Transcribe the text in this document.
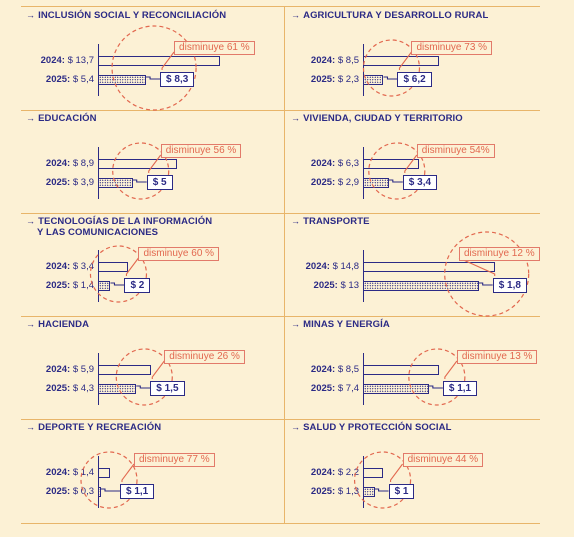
→ INCLUSIÓN SOCIAL Y RECONCILIACIÓN
2024: $ 13,7
2025: $ 5,4	$ 8,3
disminuye 61 %
→ AGRICULTURA Y DESARROLLO RURAL
2024: $ 8,5
2025: $ 2,3	$ 6,2
disminuye 73 %
→ EDUCACIÓN
2024: $ 8,9
2025: $ 3,9	$ 5
disminuye 56 %
→ VIVIENDA, CIUDAD Y TERRITORIO
2024: $ 6,3
2025: $ 2,9	$ 3,4
disminuye 54%
→ TECNOLOGÍAS DE LA INFORMACIÓN
Y LAS COMUNICACIONES
2024: $ 3,4
2025: $ 1,4	$ 2
disminuye 60 %
→ TRANSPORTE
2024: $ 14,8
2025: $ 13	$ 1,8
disminuye 12 %
→ HACIENDA
2024: $ 5,9
2025: $ 4,3	$ 1,5
disminuye 26 %
→ MINAS Y ENERGÍA
2024: $ 8,5
2025: $ 7,4	$ 1,1
disminuye 13 %
→ DEPORTE Y RECREACIÓN
2024: $ 1,4
2025: $ 0,3	$ 1,1
disminuye 77 %
→ SALUD Y PROTECCIÓN SOCIAL
2024: $ 2,2
2025: $ 1,3	$ 1
disminuye 44 %
